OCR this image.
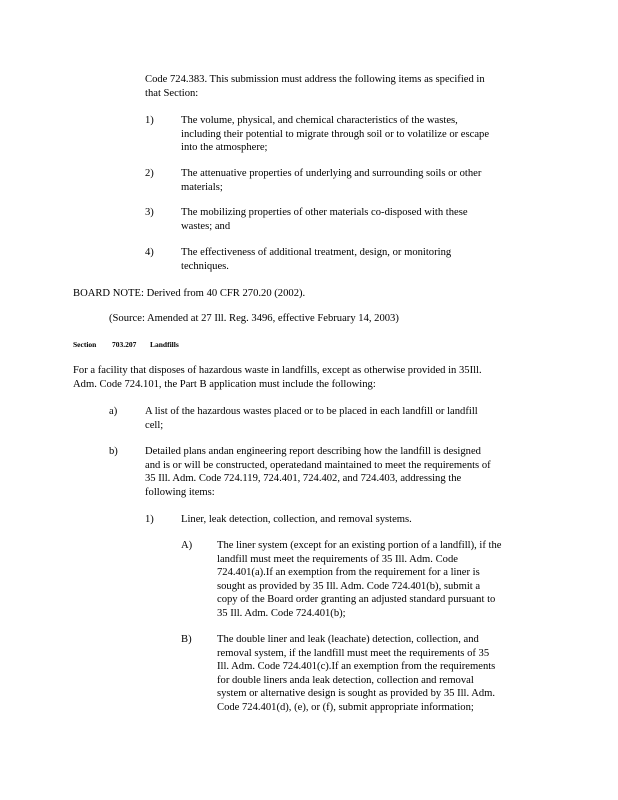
Code 724.383. This submission must address the following items as specified in
that Section:
1)	The volume, physical, and chemical characteristics of the wastes,
including their potential to migrate through soil or to volatilize or escape
into the atmosphere;
2)	The attenuative properties of underlying and surrounding soils or other
materials;
3)	The mobilizing properties of other materials co-disposed with these
wastes; and
4)	The effectiveness of additional treatment, design, or monitoring
techniques.
BOARD NOTE: Derived from 40 CFR 270.20 (2002).
(Source: Amended at 27 Ill. Reg. 3496, effective February 14, 2003)
Section 703.207 Landfills
For a facility that disposes of hazardous waste in landfills, except as otherwise provided in 35Ill.
Adm. Code 724.101, the Part B application must include the following:
a)	A list of the hazardous wastes placed or to be placed in each landfill or landfill
cell;
b)	Detailed plans andan engineering report describing how the landfill is designed
and is or will be constructed, operatedand maintained to meet the requirements of
35 Ill. Adm. Code 724.119, 724.401, 724.402, and 724.403, addressing the
following items:
1)	Liner, leak detection, collection, and removal systems.
A) The liner system (except for an existing portion of a landfill), if the
landfill must meet the requirements of 35 Ill. Adm. Code
724.401(a).If an exemption from the requirement for a liner is
sought as provided by 35 Ill. Adm. Code 724.401(b), submit a
copy of the Board order granting an adjusted standard pursuant to
35 Ill. Adm. Code 724.401(b);
B) The double liner and leak (leachate) detection, collection, and
removal system, if the landfill must meet the requirements of 35
Ill. Adm. Code 724.401(c).If an exemption from the requirements
for double liners anda leak detection, collection and removal
system or alternative design is sought as provided by 35 Ill. Adm.
Code 724.401(d), (e), or (f), submit appropriate information;
